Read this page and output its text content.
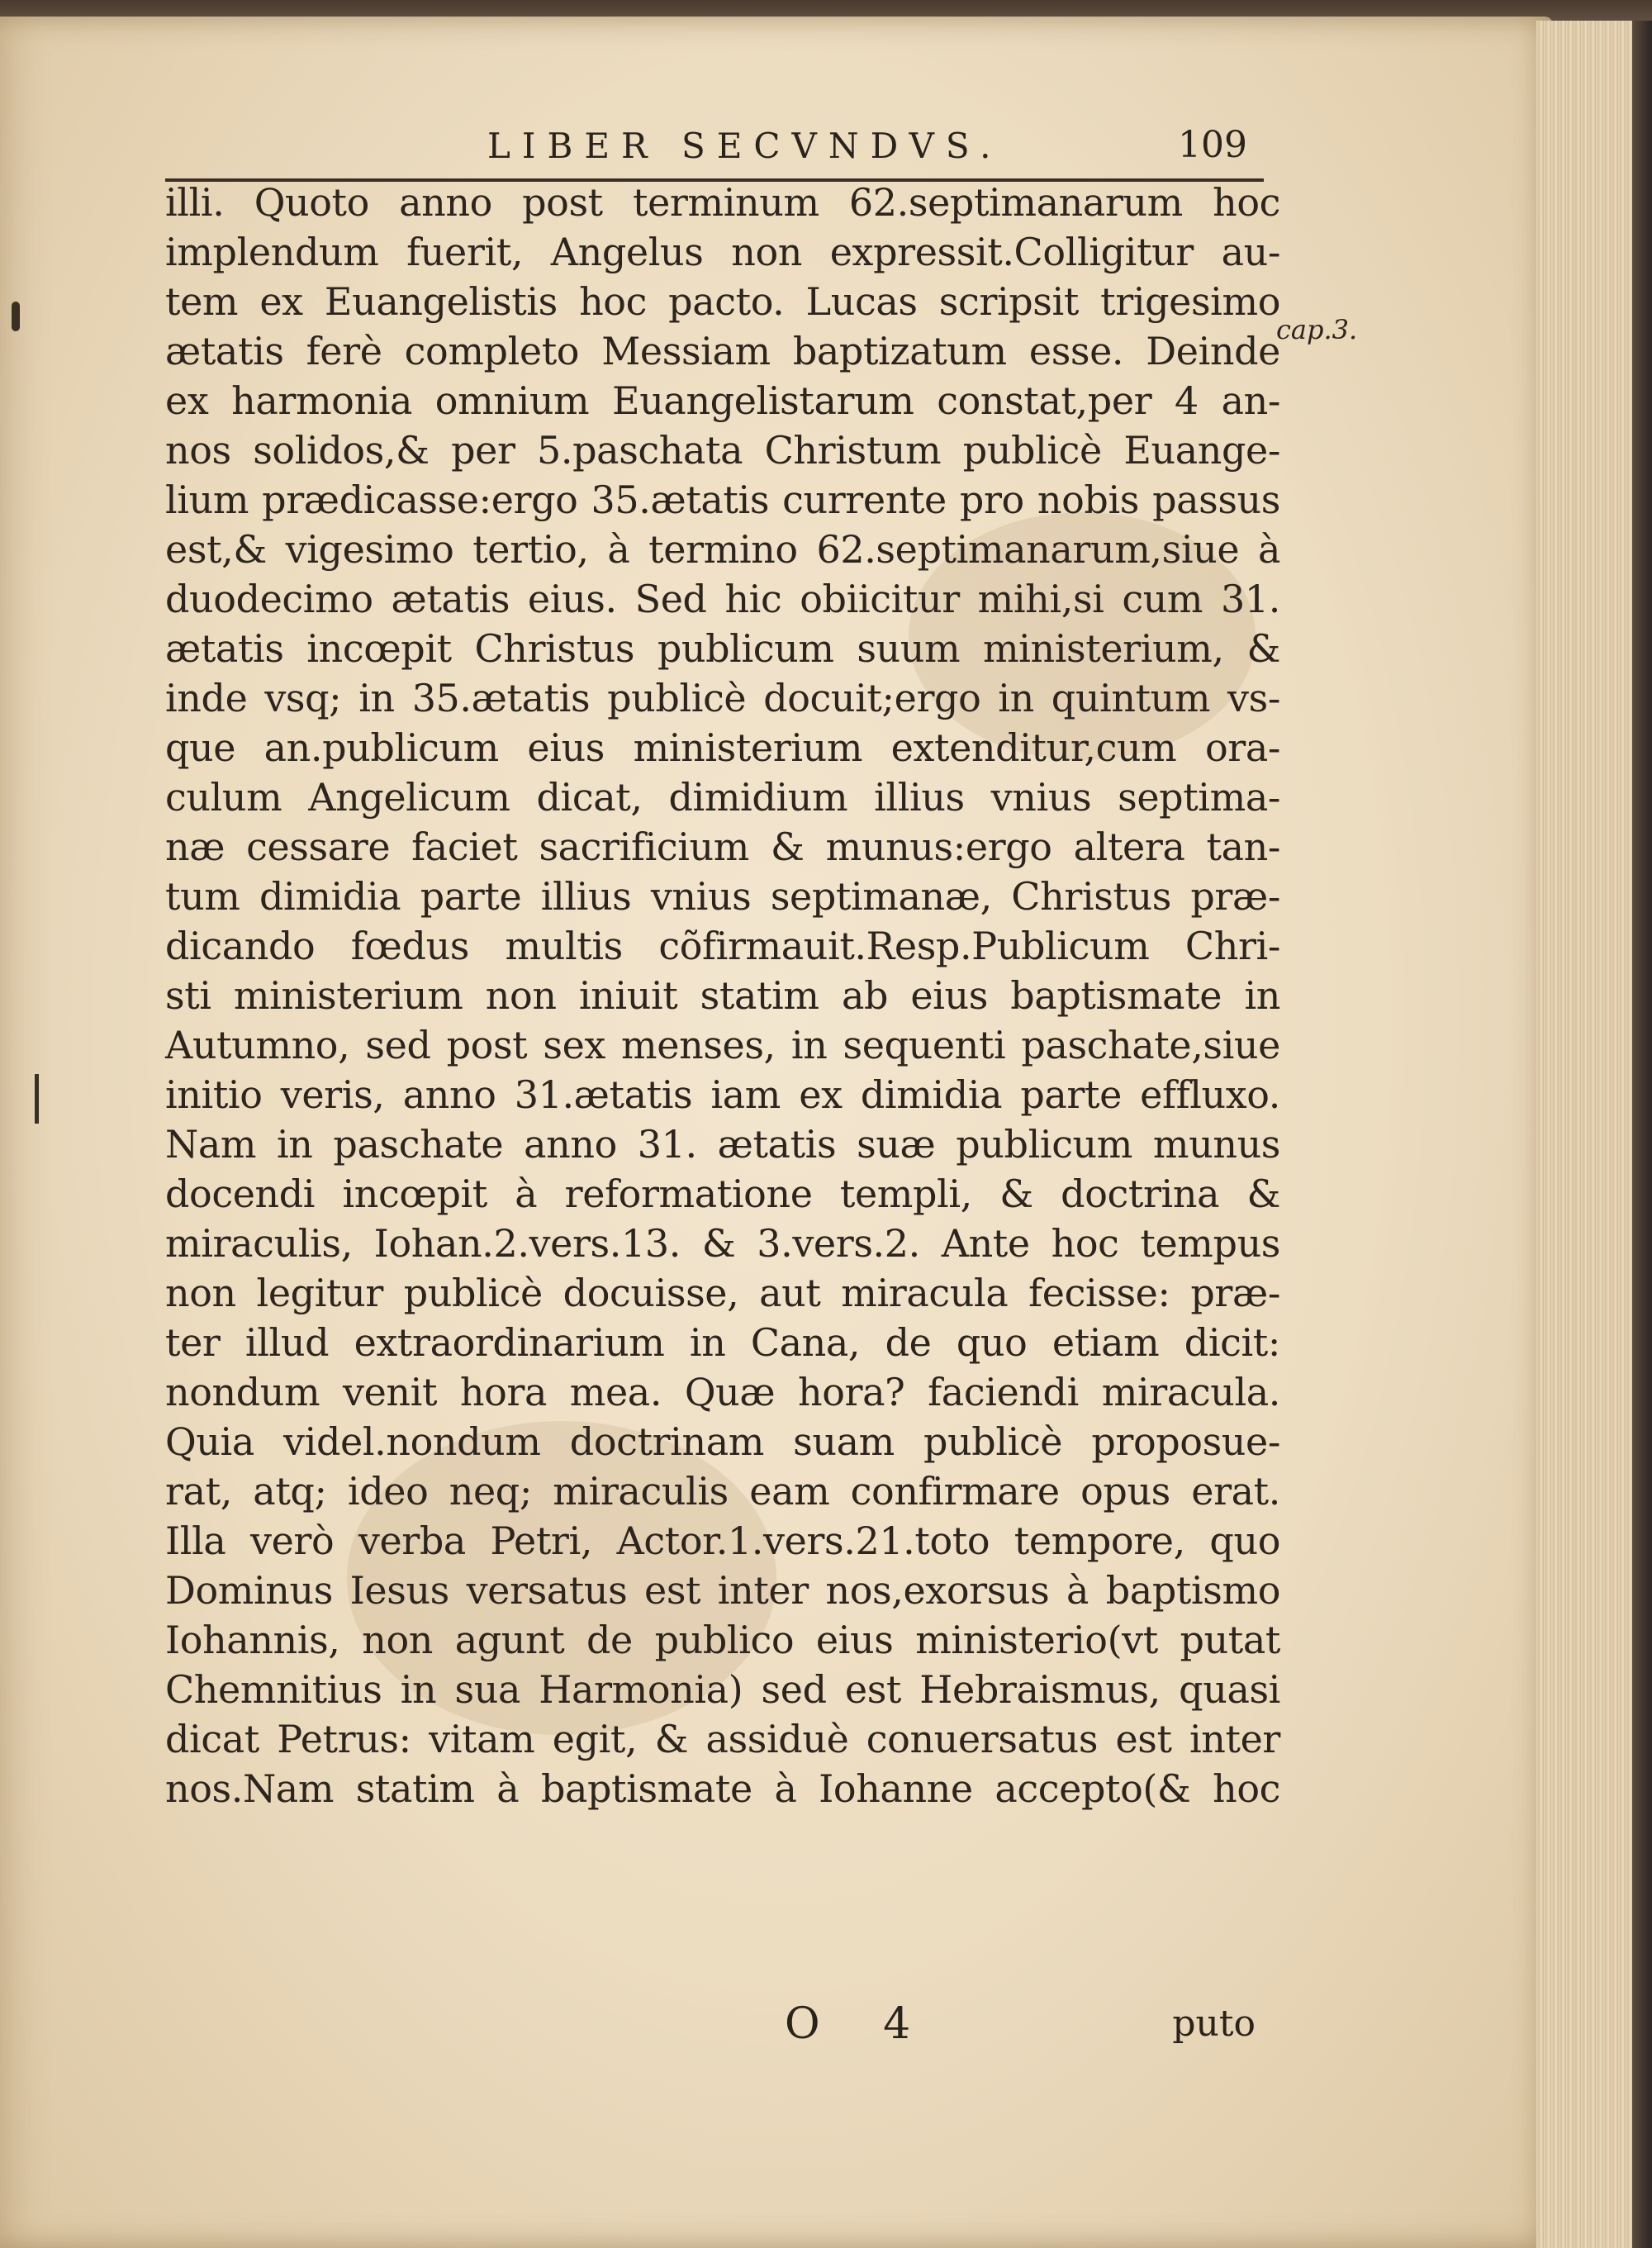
LIBER SECVNDVS.	109
cap.3.
illi. Quoto anno post terminum 62.septimanarum hoc
implendum fuerit, Angelus non expressit.Colligitur au-
tem ex Euangelistis hoc pacto. Lucas scripsit trigesimo
ætatis ferè completo Messiam baptizatum esse. Deinde
ex harmonia omnium Euangelistarum constat,per 4 an-
nos solidos,& per 5.paschata Christum publicè Euange-
lium prædicasse:ergo 35.ætatis currente pro nobis passus
est,& vigesimo tertio, à termino 62.septimanarum,siue à
duodecimo ætatis eius. Sed hic obiicitur mihi,si cum 31.
ætatis incœpit Christus publicum suum ministerium, &
inde vsq; in 35.ætatis publicè docuit;ergo in quintum vs-
que an.publicum eius ministerium extenditur,cum ora-
culum Angelicum dicat, dimidium illius vnius septima-
næ cessare faciet sacrificium & munus:ergo altera tan-
tum dimidia parte illius vnius septimanæ, Christus præ-
dicando fœdus multis cõfirmauit.Resp.Publicum Chri-
sti ministerium non iniuit statim ab eius baptismate in
Autumno, sed post sex menses, in sequenti paschate,siue
initio veris, anno 31.ætatis iam ex dimidia parte effluxo.
Nam in paschate anno 31. ætatis suæ publicum munus
docendi incœpit à reformatione templi, & doctrina &
miraculis, Iohan.2.vers.13. & 3.vers.2. Ante hoc tempus
non legitur publicè docuisse, aut miracula fecisse: præ-
ter illud extraordinarium in Cana, de quo etiam dicit:
nondum venit hora mea. Quæ hora? faciendi miracula.
Quia videl.nondum doctrinam suam publicè proposue-
rat, atq; ideo neq; miraculis eam confirmare opus erat.
Illa verò verba Petri, Actor.1.vers.21.toto tempore, quo
Dominus Iesus versatus est inter nos,exorsus à baptismo
Iohannis, non agunt de publico eius ministerio(vt putat
Chemnitius in sua Harmonia) sed est Hebraismus, quasi
dicat Petrus: vitam egit, & assiduè conuersatus est inter
nos.Nam statim à baptismate à Iohanne accepto(& hoc
O 4	puto
